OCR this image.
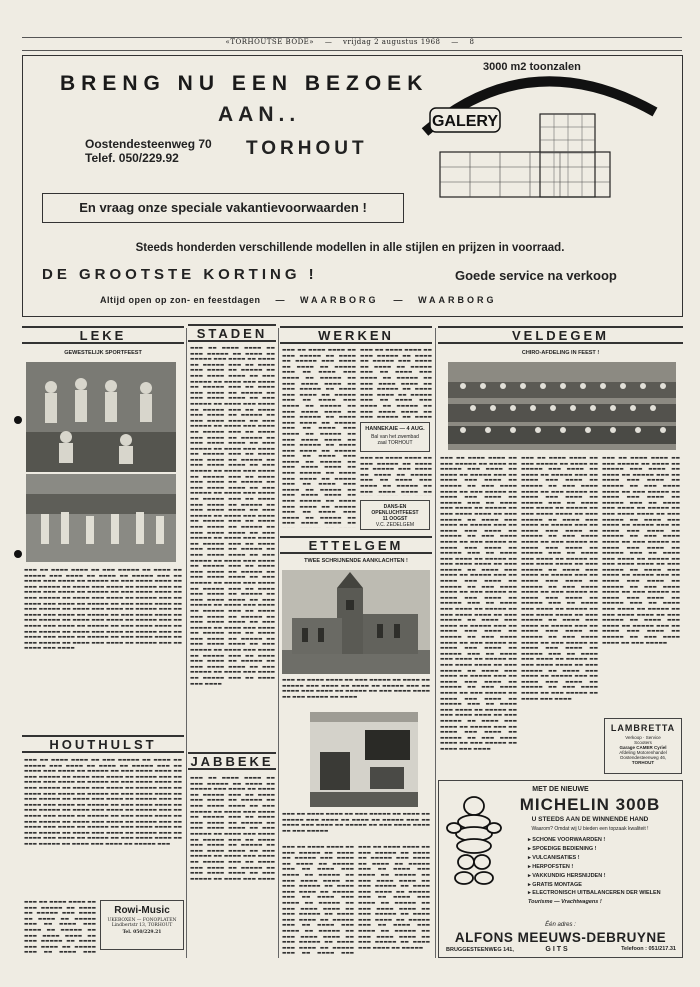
«TORHOUTSE BODE» — vrijdag 2 augustus 1968 — 8
BRENG NU EEN BEZOEK
AAN..
Oostendesteenweg 70
Telef. 050/229.92	TORHOUT
3000 m2 toonzalen
GALERY
En vraag onze speciale vakantievoorwaarden !
Steeds honderden verschillende modellen in alle stijlen en prijzen in voorraad.
DE GROOTSTE KORTING !	Goede service na verkoop
Altijd open op zon- en feestdagen — WAARBORG — WAARBORG
LEKE	STADEN	WERKEN	VELDEGEM
ETTELGEM
HOUTHULST
JABBEKE
GEWESTELIJK SPORTFEEST
▬▬▬ ▬▬ ▬▬▬▬ ▬▬▬▬ ▬▬ ▬▬▬ ▬▬▬▬▬ ▬▬ ▬▬▬▬ ▬▬ ▬▬▬▬▬ ▬▬▬ ▬▬▬▬ ▬▬ ▬▬▬▬ ▬▬ ▬▬▬▬▬ ▬▬▬ ▬▬ ▬▬▬▬ ▬▬▬ ▬▬▬▬ ▬▬ ▬▬▬▬▬ ▬▬ ▬▬▬ ▬▬▬▬ ▬▬▬▬ ▬▬ ▬▬▬ ▬▬▬▬▬ ▬▬ ▬▬▬▬ ▬▬▬ ▬▬▬▬ ▬▬ ▬▬▬▬▬ ▬▬▬ ▬▬ ▬▬▬▬ ▬▬▬ ▬▬▬▬ ▬▬ ▬▬▬▬▬ ▬▬ ▬▬▬ ▬▬▬▬ ▬▬▬▬ ▬▬ ▬▬▬ ▬▬▬▬▬ ▬▬ ▬▬▬▬ ▬▬▬ ▬▬▬▬ ▬▬ ▬▬▬▬▬ ▬▬▬ ▬▬ ▬▬▬▬ ▬▬▬ ▬▬▬▬ ▬▬ ▬▬▬▬▬ ▬▬ ▬▬▬ ▬▬▬▬ ▬▬▬▬ ▬▬ ▬▬▬ ▬▬▬▬▬ ▬▬ ▬▬▬▬ ▬▬▬ ▬▬▬▬ ▬▬ ▬▬▬▬▬ ▬▬▬ ▬▬ ▬▬▬▬ ▬▬▬ ▬▬▬▬ ▬▬ ▬▬▬▬▬ ▬▬ ▬▬▬ ▬▬▬▬ ▬▬▬▬ ▬▬ ▬▬▬ ▬▬▬▬▬ ▬▬ ▬▬▬▬ ▬▬▬ ▬▬▬▬ ▬▬ ▬▬▬▬▬ ▬▬▬ ▬▬ ▬▬▬▬ ▬▬▬ ▬▬▬▬ ▬▬ ▬▬▬▬▬ ▬▬ ▬▬▬ ▬▬▬▬ ▬▬▬▬ ▬▬ ▬▬▬ ▬▬▬▬▬ ▬▬ ▬▬▬▬ ▬▬▬ ▬▬▬▬ ▬▬ ▬▬▬▬▬ ▬▬▬ ▬▬ ▬▬▬▬ ▬▬▬ ▬▬▬▬ ▬▬ ▬▬▬▬▬ ▬▬ ▬▬▬ ▬▬▬▬ ▬▬▬▬ ▬▬ ▬▬▬ ▬▬▬▬▬ ▬▬ ▬▬▬▬ ▬▬▬ ▬▬▬▬ ▬▬ ▬▬▬▬▬ ▬▬▬ ▬▬ ▬▬▬▬ ▬▬▬ ▬▬▬▬
▬▬▬ ▬▬ ▬▬▬▬ ▬▬▬▬ ▬▬ ▬▬▬ ▬▬▬▬▬ ▬▬ ▬▬▬▬ ▬▬ ▬▬▬▬▬ ▬▬▬ ▬▬▬▬ ▬▬ ▬▬▬▬ ▬▬ ▬▬▬▬▬ ▬▬▬ ▬▬ ▬▬▬▬ ▬▬▬ ▬▬▬▬ ▬▬ ▬▬▬▬▬ ▬▬ ▬▬▬ ▬▬▬▬ ▬▬▬▬ ▬▬ ▬▬▬ ▬▬▬▬▬ ▬▬ ▬▬▬▬ ▬▬▬ ▬▬▬▬ ▬▬ ▬▬▬▬▬ ▬▬▬ ▬▬ ▬▬▬▬ ▬▬▬ ▬▬▬▬ ▬▬ ▬▬▬▬▬ ▬▬ ▬▬▬ ▬▬▬▬ ▬▬▬▬ ▬▬ ▬▬▬ ▬▬▬▬▬ ▬▬ ▬▬▬▬ ▬▬▬ ▬▬▬▬ ▬▬ ▬▬▬▬▬ ▬▬▬ ▬▬ ▬▬▬▬ ▬▬▬ ▬▬▬▬ ▬▬ ▬▬▬▬▬ ▬▬ ▬▬▬ ▬▬▬▬ ▬▬▬▬ ▬▬ ▬▬▬ ▬▬▬▬▬ ▬▬ ▬▬▬▬ ▬▬▬ ▬▬▬▬ ▬▬ ▬▬▬▬▬ ▬▬▬ ▬▬ ▬▬▬▬ ▬▬▬ ▬▬▬▬ ▬▬ ▬▬▬▬▬ ▬▬ ▬▬▬ ▬▬▬▬ ▬▬▬▬ ▬▬ ▬▬▬ ▬▬▬▬▬ ▬▬ ▬▬▬▬ ▬▬▬ ▬▬▬▬ ▬▬ ▬▬▬▬▬ ▬▬▬ ▬▬ ▬▬▬▬ ▬▬▬ ▬▬▬▬ ▬▬ ▬▬▬▬▬ ▬▬ ▬▬▬ ▬▬▬▬ ▬▬▬▬ ▬▬ ▬▬▬ ▬▬▬▬▬ ▬▬ ▬▬▬▬ ▬▬▬ ▬▬▬▬ ▬▬ ▬▬▬▬▬ ▬▬▬ ▬▬ ▬▬▬▬ ▬▬▬ ▬▬▬▬ ▬▬ ▬▬▬▬▬ ▬▬ ▬▬▬ ▬▬▬▬ ▬▬▬▬ ▬▬ ▬▬▬ ▬▬▬▬▬ ▬▬ ▬▬▬▬ ▬▬▬ ▬▬▬▬ ▬▬ ▬▬▬▬▬ ▬▬▬ ▬▬ ▬▬▬▬ ▬▬▬ ▬▬▬▬ ▬▬ ▬▬▬▬▬ ▬▬ ▬▬▬ ▬▬▬▬ ▬▬▬▬ ▬▬ ▬▬▬ ▬▬▬▬▬ ▬▬ ▬▬▬▬ ▬▬▬ ▬▬▬▬ ▬▬ ▬▬▬▬▬ ▬▬▬
▬▬▬ ▬▬ ▬▬▬▬ ▬▬▬▬ ▬▬ ▬▬▬ ▬▬▬▬▬ ▬▬ ▬▬▬▬ ▬▬ ▬▬▬▬▬ ▬▬▬ ▬▬▬▬ ▬▬ ▬▬▬▬ ▬▬ ▬▬▬▬▬ ▬▬▬ ▬▬ ▬▬▬▬ ▬▬▬ ▬▬▬▬ ▬▬ ▬▬▬▬▬ ▬▬ ▬▬▬ ▬▬▬▬ ▬▬▬▬ ▬▬ ▬▬▬ ▬▬▬▬▬ ▬▬ ▬▬▬▬ ▬▬▬ ▬▬▬▬ ▬▬ ▬▬▬▬▬ ▬▬▬ ▬▬ ▬▬▬▬ ▬▬▬ ▬▬▬▬ ▬▬ ▬▬▬▬▬ ▬▬ ▬▬▬ ▬▬▬▬ ▬▬▬▬ ▬▬ ▬▬▬ ▬▬▬▬▬ ▬▬ ▬▬▬▬ ▬▬▬ ▬▬▬▬ ▬▬ ▬▬▬▬▬ ▬▬▬ ▬▬ ▬▬▬▬ ▬▬▬ ▬▬▬▬ ▬▬ ▬▬▬▬▬ ▬▬ ▬▬▬ ▬▬▬▬ ▬▬▬▬ ▬▬ ▬▬▬ ▬▬▬▬▬ ▬▬ ▬▬▬▬ ▬▬▬ ▬▬▬▬ ▬▬ ▬▬▬▬▬ ▬▬▬ ▬▬ ▬▬▬▬ ▬▬▬ ▬▬▬▬ ▬▬ ▬▬▬▬▬ ▬▬ ▬▬▬ ▬▬▬▬ ▬▬▬▬ ▬▬ ▬▬▬ ▬▬▬▬▬ ▬▬ ▬▬▬▬ ▬▬▬ ▬▬▬▬ ▬▬ ▬▬▬▬▬ ▬▬▬ ▬▬ ▬▬▬▬ ▬▬▬ ▬▬▬▬ ▬▬ ▬▬▬▬▬ ▬▬ ▬▬▬ ▬▬▬▬ ▬▬▬▬ ▬▬ ▬▬▬ ▬▬▬▬▬ ▬▬ ▬▬▬▬ ▬▬▬ ▬▬▬▬ ▬▬ ▬▬▬▬▬ ▬▬▬ ▬▬ ▬▬▬▬ ▬▬▬ ▬▬▬▬ ▬▬ ▬▬▬▬▬ ▬▬ ▬▬▬ ▬▬▬▬ ▬▬▬▬ ▬▬ ▬▬▬ ▬▬▬▬▬ ▬▬ ▬▬▬▬ ▬▬▬ ▬▬▬▬ ▬▬ ▬▬▬▬▬ ▬▬▬ ▬▬ ▬▬▬▬ ▬▬▬ ▬▬▬▬ ▬▬ ▬▬▬▬▬ ▬▬ ▬▬▬ ▬▬▬▬ ▬▬▬▬ ▬▬ ▬▬▬ ▬▬▬▬▬ ▬▬ ▬▬▬▬ ▬▬▬ ▬▬▬▬ ▬▬ ▬▬▬▬▬ ▬▬▬ ▬▬ ▬▬▬▬ ▬▬▬ ▬▬▬▬ ▬▬ ▬▬▬▬▬ ▬▬ ▬▬▬ ▬▬▬▬ ▬▬▬▬ ▬▬ ▬▬▬ ▬▬▬▬▬ ▬▬ ▬▬▬▬ ▬▬▬ ▬▬▬▬ ▬▬ ▬▬▬▬▬ ▬▬▬ ▬▬ ▬▬▬▬ ▬▬▬ ▬▬▬▬ ▬▬ ▬▬▬▬▬ ▬▬ ▬▬▬ ▬▬▬▬ ▬▬▬▬ ▬▬ ▬▬▬ ▬▬▬▬▬ ▬▬ ▬▬▬▬ ▬▬▬ ▬▬▬▬ ▬▬ ▬▬▬▬▬ ▬▬▬ ▬▬ ▬▬▬▬ ▬▬▬ ▬▬▬▬ ▬▬ ▬▬▬▬▬ ▬▬ ▬▬▬ ▬▬▬▬ ▬▬▬▬ ▬▬ ▬▬▬ ▬▬▬▬▬ ▬▬ ▬▬▬▬ ▬▬▬ ▬▬▬▬ ▬▬ ▬▬▬▬▬ ▬▬▬ ▬▬ ▬▬▬▬ ▬▬▬ ▬▬▬▬ ▬▬ ▬▬▬▬▬ ▬▬ ▬▬▬ ▬▬▬▬ ▬▬▬▬ ▬▬ ▬▬▬ ▬▬▬▬▬ ▬▬ ▬▬▬▬ ▬▬▬ ▬▬▬▬ ▬▬ ▬▬▬▬▬ ▬▬▬ ▬▬ ▬▬▬▬ ▬▬▬ ▬▬▬▬ ▬▬ ▬▬▬▬▬ ▬▬ ▬▬▬ ▬▬▬▬ ▬▬▬▬ ▬▬ ▬▬▬ ▬▬▬▬▬ ▬▬ ▬▬▬▬ ▬▬▬ ▬▬▬▬ ▬▬ ▬▬▬▬▬ ▬▬▬ ▬▬ ▬▬▬▬ ▬▬▬ ▬▬▬▬ ▬▬ ▬▬▬▬▬ ▬▬ ▬▬▬ ▬▬▬▬ ▬▬▬▬ ▬▬ ▬▬▬ ▬▬▬▬▬ ▬▬ ▬▬▬▬ ▬▬▬ ▬▬▬▬ ▬▬ ▬▬▬▬▬ ▬▬▬ ▬▬ ▬▬▬▬ ▬▬▬ ▬▬▬▬ ▬▬ ▬▬▬▬▬ ▬▬ ▬▬▬ ▬▬▬▬ ▬▬▬▬ ▬▬ ▬▬▬ ▬▬▬▬▬ ▬▬ ▬▬▬▬ ▬▬▬ ▬▬▬▬ ▬▬ ▬▬▬▬▬ ▬▬▬ ▬▬ ▬▬▬▬ ▬▬▬ ▬▬▬▬
▬▬▬ ▬▬ ▬▬▬▬ ▬▬▬▬ ▬▬ ▬▬▬ ▬▬▬▬▬ ▬▬ ▬▬▬▬ ▬▬ ▬▬▬▬▬ ▬▬▬ ▬▬▬▬ ▬▬ ▬▬▬▬ ▬▬ ▬▬▬▬▬ ▬▬▬ ▬▬ ▬▬▬▬ ▬▬▬ ▬▬▬▬ ▬▬ ▬▬▬▬▬ ▬▬ ▬▬▬ ▬▬▬▬ ▬▬▬▬ ▬▬ ▬▬▬ ▬▬▬▬▬ ▬▬ ▬▬▬▬ ▬▬▬ ▬▬▬▬ ▬▬ ▬▬▬▬▬ ▬▬▬ ▬▬ ▬▬▬▬ ▬▬▬ ▬▬▬▬ ▬▬ ▬▬▬▬▬ ▬▬ ▬▬▬ ▬▬▬▬ ▬▬▬▬ ▬▬ ▬▬▬ ▬▬▬▬▬ ▬▬ ▬▬▬▬ ▬▬▬ ▬▬▬▬ ▬▬ ▬▬▬▬▬ ▬▬▬ ▬▬ ▬▬▬▬ ▬▬▬ ▬▬▬▬ ▬▬ ▬▬▬▬▬ ▬▬ ▬▬▬ ▬▬▬▬ ▬▬▬▬ ▬▬ ▬▬▬ ▬▬▬▬▬ ▬▬ ▬▬▬▬ ▬▬▬ ▬▬▬▬ ▬▬ ▬▬▬▬▬ ▬▬▬ ▬▬ ▬▬▬▬ ▬▬▬ ▬▬▬▬ ▬▬ ▬▬▬▬▬ ▬▬ ▬▬▬ ▬▬▬▬ ▬▬▬▬ ▬▬ ▬▬▬ ▬▬▬▬▬ ▬▬ ▬▬▬▬ ▬▬▬ ▬▬▬▬
Rowi-Music
UKEBOXEN — FONOPLATEN
Lindbertstr 13, TORHOUT
Tel. 050/229.21
▬▬▬ ▬▬ ▬▬▬▬ ▬▬▬▬ ▬▬ ▬▬▬ ▬▬▬▬▬ ▬▬ ▬▬▬▬ ▬▬ ▬▬▬▬▬ ▬▬▬ ▬▬▬▬ ▬▬ ▬▬▬▬ ▬▬ ▬▬▬▬▬ ▬▬▬ ▬▬ ▬▬▬▬ ▬▬▬ ▬▬▬▬ ▬▬ ▬▬▬▬▬ ▬▬ ▬▬▬ ▬▬▬▬ ▬▬▬▬ ▬▬ ▬▬▬ ▬▬▬▬▬ ▬▬ ▬▬▬▬ ▬▬▬ ▬▬▬▬ ▬▬ ▬▬▬▬▬ ▬▬▬ ▬▬ ▬▬▬▬ ▬▬▬
▬▬▬ ▬▬ ▬▬▬▬ ▬▬▬▬ ▬▬ ▬▬▬ ▬▬▬▬▬ ▬▬ ▬▬▬▬ ▬▬ ▬▬▬▬▬ ▬▬▬ ▬▬▬▬ ▬▬ ▬▬▬▬ ▬▬ ▬▬▬▬▬ ▬▬▬ ▬▬ ▬▬▬▬ ▬▬▬ ▬▬▬▬ ▬▬ ▬▬▬▬▬ ▬▬ ▬▬▬ ▬▬▬▬ ▬▬▬▬ ▬▬ ▬▬▬ ▬▬▬▬▬ ▬▬ ▬▬▬▬ ▬▬▬ ▬▬▬▬ ▬▬ ▬▬▬▬▬ ▬▬▬ ▬▬ ▬▬▬▬ ▬▬▬ ▬▬▬▬ ▬▬ ▬▬▬▬▬ ▬▬ ▬▬▬ ▬▬▬▬ ▬▬▬▬ ▬▬ ▬▬▬ ▬▬▬▬▬ ▬▬ ▬▬▬▬ ▬▬▬ ▬▬▬▬ ▬▬ ▬▬▬▬▬ ▬▬▬ ▬▬ ▬▬▬▬ ▬▬▬ ▬▬▬▬ ▬▬ ▬▬▬▬▬ ▬▬ ▬▬▬ ▬▬▬▬ ▬▬▬▬ ▬▬ ▬▬▬ ▬▬▬▬▬ ▬▬ ▬▬▬▬ ▬▬▬ ▬▬▬▬ ▬▬ ▬▬▬▬▬ ▬▬▬ ▬▬ ▬▬▬▬ ▬▬▬ ▬▬▬▬ ▬▬ ▬▬▬▬▬ ▬▬ ▬▬▬ ▬▬▬▬ ▬▬▬▬ ▬▬ ▬▬▬ ▬▬▬▬▬ ▬▬ ▬▬▬▬ ▬▬▬ ▬▬▬▬ ▬▬ ▬▬▬▬▬ ▬▬▬ ▬▬ ▬▬▬▬ ▬▬▬ ▬▬▬▬ ▬▬ ▬▬▬▬▬ ▬▬ ▬▬▬ ▬▬▬▬ ▬▬▬▬ ▬▬ ▬▬▬ ▬▬▬▬▬ ▬▬ ▬▬▬▬ ▬▬▬ ▬▬▬▬ ▬▬ ▬▬▬▬▬ ▬▬▬ ▬▬ ▬▬▬▬ ▬▬▬ ▬▬▬▬ ▬▬ ▬▬▬▬▬ ▬▬ ▬▬▬ ▬▬▬▬ ▬▬▬▬ ▬▬
▬▬▬ ▬▬ ▬▬▬▬ ▬▬▬▬ ▬▬ ▬▬▬ ▬▬▬▬▬ ▬▬ ▬▬▬▬ ▬▬ ▬▬▬▬▬ ▬▬▬ ▬▬▬▬ ▬▬ ▬▬▬▬ ▬▬ ▬▬▬▬▬ ▬▬▬ ▬▬ ▬▬▬▬ ▬▬▬ ▬▬▬▬ ▬▬ ▬▬▬▬▬ ▬▬ ▬▬▬ ▬▬▬▬ ▬▬▬▬ ▬▬ ▬▬▬ ▬▬▬▬▬ ▬▬ ▬▬▬▬ ▬▬▬ ▬▬▬▬ ▬▬ ▬▬▬▬▬ ▬▬▬ ▬▬ ▬▬▬▬ ▬▬▬ ▬▬▬▬ ▬▬ ▬▬▬▬▬ ▬▬ ▬▬▬ ▬▬▬▬ ▬▬▬▬ ▬▬ ▬▬▬ ▬▬▬▬▬ ▬▬ ▬▬▬▬
HANNEKAIE — 4 AUG.
Bal van het zwembad
zaal TORHOUT
▬▬▬ ▬▬ ▬▬▬▬ ▬▬▬▬ ▬▬ ▬▬▬ ▬▬▬▬▬ ▬▬ ▬▬▬▬ ▬▬ ▬▬▬▬▬ ▬▬▬ ▬▬▬▬ ▬▬ ▬▬▬▬ ▬▬ ▬▬▬▬▬ ▬▬▬ ▬▬ ▬▬▬▬ ▬▬▬ ▬▬▬▬ ▬▬ ▬▬▬▬▬ ▬▬ ▬▬▬ ▬▬▬▬ ▬▬▬▬ ▬▬
DANS-EN OPENLUCHTFEEST
11 OOGST
V.C. ZEDELGEM
TWEE SCHRIJNENDE AANKLACHTEN !
▬▬▬ ▬▬ ▬▬▬▬ ▬▬▬▬ ▬▬ ▬▬▬ ▬▬▬▬▬ ▬▬ ▬▬▬▬ ▬▬ ▬▬▬▬▬ ▬▬▬ ▬▬▬▬ ▬▬ ▬▬▬▬ ▬▬ ▬▬▬▬▬ ▬▬▬ ▬▬ ▬▬▬▬ ▬▬▬ ▬▬▬▬ ▬▬ ▬▬▬▬▬ ▬▬ ▬▬▬ ▬▬▬▬ ▬▬▬▬ ▬▬ ▬▬▬ ▬▬▬▬▬ ▬▬ ▬▬▬▬
▬▬▬ ▬▬ ▬▬▬▬ ▬▬▬▬ ▬▬ ▬▬▬ ▬▬▬▬▬ ▬▬ ▬▬▬▬ ▬▬ ▬▬▬▬▬ ▬▬▬ ▬▬▬▬ ▬▬ ▬▬▬▬ ▬▬ ▬▬▬▬▬ ▬▬▬ ▬▬ ▬▬▬▬ ▬▬▬ ▬▬▬▬ ▬▬ ▬▬▬▬▬ ▬▬ ▬▬▬ ▬▬▬▬ ▬▬▬▬ ▬▬ ▬▬▬ ▬▬▬▬▬
▬▬▬ ▬▬ ▬▬▬▬ ▬▬▬▬ ▬▬ ▬▬▬ ▬▬▬▬▬ ▬▬ ▬▬▬▬ ▬▬ ▬▬▬▬▬ ▬▬▬ ▬▬▬▬ ▬▬ ▬▬▬▬ ▬▬ ▬▬▬▬▬ ▬▬▬ ▬▬ ▬▬▬▬ ▬▬▬ ▬▬▬▬ ▬▬ ▬▬▬▬▬ ▬▬ ▬▬▬ ▬▬▬▬ ▬▬▬▬ ▬▬ ▬▬▬ ▬▬▬▬▬ ▬▬ ▬▬▬▬ ▬▬▬ ▬▬▬▬ ▬▬ ▬▬▬▬▬ ▬▬▬ ▬▬ ▬▬▬▬ ▬▬▬ ▬▬▬▬ ▬▬ ▬▬▬▬▬ ▬▬ ▬▬▬ ▬▬▬▬ ▬▬▬▬ ▬▬ ▬▬▬ ▬▬▬▬▬ ▬▬ ▬▬▬▬ ▬▬▬ ▬▬▬▬ ▬▬ ▬▬▬▬▬ ▬▬▬ ▬▬ ▬▬▬▬ ▬▬▬ ▬▬▬▬ ▬▬ ▬▬▬▬▬ ▬▬ ▬▬▬ ▬▬▬▬ ▬▬▬▬ ▬▬ ▬▬▬ ▬▬▬▬▬ ▬▬ ▬▬▬▬ ▬▬▬ ▬▬▬▬ ▬▬ ▬▬▬▬▬ ▬▬▬ ▬▬ ▬▬▬▬ ▬▬▬
▬▬▬ ▬▬ ▬▬▬▬ ▬▬▬▬ ▬▬ ▬▬▬ ▬▬▬▬▬ ▬▬ ▬▬▬▬ ▬▬ ▬▬▬▬▬ ▬▬▬ ▬▬▬▬ ▬▬ ▬▬▬▬ ▬▬ ▬▬▬▬▬ ▬▬▬ ▬▬ ▬▬▬▬ ▬▬▬ ▬▬▬▬ ▬▬ ▬▬▬▬▬ ▬▬ ▬▬▬ ▬▬▬▬ ▬▬▬▬ ▬▬ ▬▬▬ ▬▬▬▬▬ ▬▬ ▬▬▬▬ ▬▬▬ ▬▬▬▬ ▬▬ ▬▬▬▬▬ ▬▬▬ ▬▬ ▬▬▬▬ ▬▬▬ ▬▬▬▬ ▬▬ ▬▬▬▬▬ ▬▬ ▬▬▬ ▬▬▬▬ ▬▬▬▬ ▬▬ ▬▬▬ ▬▬▬▬▬ ▬▬ ▬▬▬▬ ▬▬▬ ▬▬▬▬ ▬▬ ▬▬▬▬▬ ▬▬▬ ▬▬ ▬▬▬▬ ▬▬▬ ▬▬▬▬ ▬▬ ▬▬▬▬▬ ▬▬ ▬▬▬ ▬▬▬▬ ▬▬▬▬ ▬▬ ▬▬▬ ▬▬▬▬▬ ▬▬ ▬▬▬▬ ▬▬▬ ▬▬▬▬ ▬▬ ▬▬▬▬▬
CHIRO-AFDELING IN FEEST !
▬▬▬ ▬▬ ▬▬▬▬ ▬▬▬▬ ▬▬ ▬▬▬ ▬▬▬▬▬ ▬▬ ▬▬▬▬ ▬▬ ▬▬▬▬▬ ▬▬▬ ▬▬▬▬ ▬▬ ▬▬▬▬ ▬▬ ▬▬▬▬▬ ▬▬▬ ▬▬ ▬▬▬▬ ▬▬▬ ▬▬▬▬ ▬▬ ▬▬▬▬▬ ▬▬ ▬▬▬ ▬▬▬▬ ▬▬▬▬ ▬▬ ▬▬▬ ▬▬▬▬▬ ▬▬ ▬▬▬▬ ▬▬▬ ▬▬▬▬ ▬▬ ▬▬▬▬▬ ▬▬▬ ▬▬ ▬▬▬▬ ▬▬▬ ▬▬▬▬ ▬▬ ▬▬▬▬▬ ▬▬ ▬▬▬ ▬▬▬▬ ▬▬▬▬ ▬▬ ▬▬▬ ▬▬▬▬▬ ▬▬ ▬▬▬▬ ▬▬▬ ▬▬▬▬ ▬▬ ▬▬▬▬▬ ▬▬▬ ▬▬ ▬▬▬▬ ▬▬▬ ▬▬▬▬ ▬▬ ▬▬▬▬▬ ▬▬ ▬▬▬ ▬▬▬▬ ▬▬▬▬ ▬▬ ▬▬▬ ▬▬▬▬▬ ▬▬ ▬▬▬▬ ▬▬▬ ▬▬▬▬ ▬▬ ▬▬▬▬▬ ▬▬▬ ▬▬ ▬▬▬▬ ▬▬▬ ▬▬▬▬ ▬▬ ▬▬▬▬▬ ▬▬ ▬▬▬ ▬▬▬▬ ▬▬▬▬ ▬▬ ▬▬▬ ▬▬▬▬▬ ▬▬ ▬▬▬▬ ▬▬▬ ▬▬▬▬ ▬▬ ▬▬▬▬▬ ▬▬▬ ▬▬ ▬▬▬▬ ▬▬▬ ▬▬▬▬ ▬▬ ▬▬▬▬▬ ▬▬ ▬▬▬ ▬▬▬▬ ▬▬▬▬ ▬▬ ▬▬▬ ▬▬▬▬▬ ▬▬ ▬▬▬▬ ▬▬▬ ▬▬▬▬ ▬▬ ▬▬▬▬▬ ▬▬▬ ▬▬ ▬▬▬▬ ▬▬▬ ▬▬▬▬ ▬▬ ▬▬▬▬▬ ▬▬ ▬▬▬ ▬▬▬▬ ▬▬▬▬ ▬▬ ▬▬▬ ▬▬▬▬▬ ▬▬ ▬▬▬▬ ▬▬▬ ▬▬▬▬ ▬▬ ▬▬▬▬▬ ▬▬▬ ▬▬ ▬▬▬▬ ▬▬▬ ▬▬▬▬ ▬▬ ▬▬▬▬▬ ▬▬ ▬▬▬ ▬▬▬▬ ▬▬▬▬ ▬▬ ▬▬▬ ▬▬▬▬▬ ▬▬ ▬▬▬▬ ▬▬▬ ▬▬▬▬ ▬▬ ▬▬▬▬▬ ▬▬▬ ▬▬ ▬▬▬▬ ▬▬▬ ▬▬▬▬ ▬▬ ▬▬▬▬▬ ▬▬ ▬▬▬ ▬▬▬▬ ▬▬▬▬ ▬▬ ▬▬▬ ▬▬▬▬▬ ▬▬ ▬▬▬▬ ▬▬▬ ▬▬▬▬ ▬▬ ▬▬▬▬▬ ▬▬▬ ▬▬ ▬▬▬▬ ▬▬▬ ▬▬▬▬ ▬▬ ▬▬▬▬▬ ▬▬ ▬▬▬ ▬▬▬▬ ▬▬▬▬ ▬▬ ▬▬▬ ▬▬▬▬▬ ▬▬ ▬▬▬▬ ▬▬▬ ▬▬▬▬ ▬▬ ▬▬▬▬▬ ▬▬▬ ▬▬ ▬▬▬▬ ▬▬▬ ▬▬▬▬ ▬▬ ▬▬▬▬▬ ▬▬ ▬▬▬ ▬▬▬▬ ▬▬▬▬ ▬▬ ▬▬▬ ▬▬▬▬▬ ▬▬ ▬▬▬▬ ▬▬▬ ▬▬▬▬ ▬▬ ▬▬▬▬▬ ▬▬▬ ▬▬ ▬▬▬▬ ▬▬▬ ▬▬▬▬ ▬▬ ▬▬▬▬▬ ▬▬ ▬▬▬ ▬▬▬▬ ▬▬▬▬ ▬▬ ▬▬▬ ▬▬▬▬▬ ▬▬ ▬▬▬▬ ▬▬▬ ▬▬▬▬
▬▬▬ ▬▬ ▬▬▬▬ ▬▬▬▬ ▬▬ ▬▬▬ ▬▬▬▬▬ ▬▬ ▬▬▬▬ ▬▬ ▬▬▬▬▬ ▬▬▬ ▬▬▬▬ ▬▬ ▬▬▬▬ ▬▬ ▬▬▬▬▬ ▬▬▬ ▬▬ ▬▬▬▬ ▬▬▬ ▬▬▬▬ ▬▬ ▬▬▬▬▬ ▬▬ ▬▬▬ ▬▬▬▬ ▬▬▬▬ ▬▬ ▬▬▬ ▬▬▬▬▬ ▬▬ ▬▬▬▬ ▬▬▬ ▬▬▬▬ ▬▬ ▬▬▬▬▬ ▬▬▬ ▬▬ ▬▬▬▬ ▬▬▬ ▬▬▬▬ ▬▬ ▬▬▬▬▬ ▬▬ ▬▬▬ ▬▬▬▬ ▬▬▬▬ ▬▬ ▬▬▬ ▬▬▬▬▬ ▬▬ ▬▬▬▬ ▬▬▬ ▬▬▬▬ ▬▬ ▬▬▬▬▬ ▬▬▬ ▬▬ ▬▬▬▬ ▬▬▬ ▬▬▬▬ ▬▬ ▬▬▬▬▬ ▬▬ ▬▬▬ ▬▬▬▬ ▬▬▬▬ ▬▬ ▬▬▬ ▬▬▬▬▬ ▬▬ ▬▬▬▬ ▬▬▬ ▬▬▬▬ ▬▬ ▬▬▬▬▬ ▬▬▬ ▬▬ ▬▬▬▬ ▬▬▬ ▬▬▬▬ ▬▬ ▬▬▬▬▬ ▬▬ ▬▬▬ ▬▬▬▬ ▬▬▬▬ ▬▬ ▬▬▬ ▬▬▬▬▬ ▬▬ ▬▬▬▬ ▬▬▬ ▬▬▬▬ ▬▬ ▬▬▬▬▬ ▬▬▬ ▬▬ ▬▬▬▬ ▬▬▬ ▬▬▬▬ ▬▬ ▬▬▬▬▬ ▬▬ ▬▬▬ ▬▬▬▬ ▬▬▬▬ ▬▬ ▬▬▬ ▬▬▬▬▬ ▬▬ ▬▬▬▬ ▬▬▬ ▬▬▬▬ ▬▬ ▬▬▬▬▬ ▬▬▬ ▬▬ ▬▬▬▬ ▬▬▬ ▬▬▬▬ ▬▬ ▬▬▬▬▬ ▬▬ ▬▬▬ ▬▬▬▬ ▬▬▬▬ ▬▬ ▬▬▬ ▬▬▬▬▬ ▬▬ ▬▬▬▬ ▬▬▬ ▬▬▬▬ ▬▬ ▬▬▬▬▬ ▬▬▬ ▬▬ ▬▬▬▬ ▬▬▬ ▬▬▬▬ ▬▬ ▬▬▬▬▬ ▬▬ ▬▬▬ ▬▬▬▬ ▬▬▬▬ ▬▬ ▬▬▬ ▬▬▬▬▬ ▬▬ ▬▬▬▬ ▬▬▬ ▬▬▬▬ ▬▬ ▬▬▬▬▬ ▬▬▬ ▬▬ ▬▬▬▬ ▬▬▬ ▬▬▬▬ ▬▬ ▬▬▬▬▬ ▬▬ ▬▬▬ ▬▬▬▬ ▬▬▬▬ ▬▬ ▬▬▬ ▬▬▬▬▬ ▬▬ ▬▬▬▬ ▬▬▬ ▬▬▬▬ ▬▬ ▬▬▬▬▬ ▬▬▬ ▬▬ ▬▬▬▬ ▬▬▬ ▬▬▬▬ ▬▬ ▬▬▬▬▬ ▬▬ ▬▬▬ ▬▬▬▬ ▬▬▬▬ ▬▬ ▬▬▬ ▬▬▬▬▬ ▬▬ ▬▬▬▬ ▬▬▬ ▬▬▬▬
▬▬▬ ▬▬ ▬▬▬▬ ▬▬▬▬ ▬▬ ▬▬▬ ▬▬▬▬▬ ▬▬ ▬▬▬▬ ▬▬ ▬▬▬▬▬ ▬▬▬ ▬▬▬▬ ▬▬ ▬▬▬▬ ▬▬ ▬▬▬▬▬ ▬▬▬ ▬▬ ▬▬▬▬ ▬▬▬ ▬▬▬▬ ▬▬ ▬▬▬▬▬ ▬▬ ▬▬▬ ▬▬▬▬ ▬▬▬▬ ▬▬ ▬▬▬ ▬▬▬▬▬ ▬▬ ▬▬▬▬ ▬▬▬ ▬▬▬▬ ▬▬ ▬▬▬▬▬ ▬▬▬ ▬▬ ▬▬▬▬ ▬▬▬ ▬▬▬▬ ▬▬ ▬▬▬▬▬ ▬▬ ▬▬▬ ▬▬▬▬ ▬▬▬▬ ▬▬ ▬▬▬ ▬▬▬▬▬ ▬▬ ▬▬▬▬ ▬▬▬ ▬▬▬▬ ▬▬ ▬▬▬▬▬ ▬▬▬ ▬▬ ▬▬▬▬ ▬▬▬ ▬▬▬▬ ▬▬ ▬▬▬▬▬ ▬▬ ▬▬▬ ▬▬▬▬ ▬▬▬▬ ▬▬ ▬▬▬ ▬▬▬▬▬ ▬▬ ▬▬▬▬ ▬▬▬ ▬▬▬▬ ▬▬ ▬▬▬▬▬ ▬▬▬ ▬▬ ▬▬▬▬ ▬▬▬ ▬▬▬▬ ▬▬ ▬▬▬▬▬ ▬▬ ▬▬▬ ▬▬▬▬ ▬▬▬▬ ▬▬ ▬▬▬ ▬▬▬▬▬ ▬▬ ▬▬▬▬ ▬▬▬ ▬▬▬▬ ▬▬ ▬▬▬▬▬ ▬▬▬ ▬▬ ▬▬▬▬ ▬▬▬ ▬▬▬▬ ▬▬ ▬▬▬▬▬ ▬▬ ▬▬▬ ▬▬▬▬ ▬▬▬▬ ▬▬ ▬▬▬ ▬▬▬▬▬ ▬▬ ▬▬▬▬ ▬▬▬ ▬▬▬▬ ▬▬ ▬▬▬▬▬ ▬▬▬ ▬▬ ▬▬▬▬ ▬▬▬ ▬▬▬▬ ▬▬ ▬▬▬▬▬ ▬▬ ▬▬▬ ▬▬▬▬ ▬▬▬▬ ▬▬ ▬▬▬ ▬▬▬▬▬ ▬▬ ▬▬▬▬ ▬▬▬ ▬▬▬▬ ▬▬ ▬▬▬▬▬ ▬▬▬ ▬▬ ▬▬▬▬ ▬▬▬ ▬▬▬▬ ▬▬ ▬▬▬▬▬ ▬▬ ▬▬▬ ▬▬▬▬ ▬▬▬▬ ▬▬ ▬▬▬ ▬▬▬▬▬
LAMBRETTA
Verkoop · Service
Scooters
Garage CAMER Cyriel
Afdeling Motorenhandel
Oostendesteenweg 46,
TORHOUT
MET DE NIEUWE
MICHELIN 300B
U STEEDS AAN DE WINNENDE HAND
Waarom? Omdat wij U bieden een topzaak kwaliteit !
▸ SCHONE VOORWAARDEN !
▸ SPOEDIGE BEDIENING !
▸ VULCANISATIES !
▸ HERPOFSTEN !
▸ VAKKUNDIG HERSNIJDEN !
▸ GRATIS MONTAGE
▸ ELECTRONISCH UITBALANCEREN DER WIELEN
Tourisme — Vrachtwagens !
Één adres :
ALFONS MEEUWS-DEBRUYNE
BRUGGESTEENWEG 141,	GITS	Telefoon : 051/217.31
